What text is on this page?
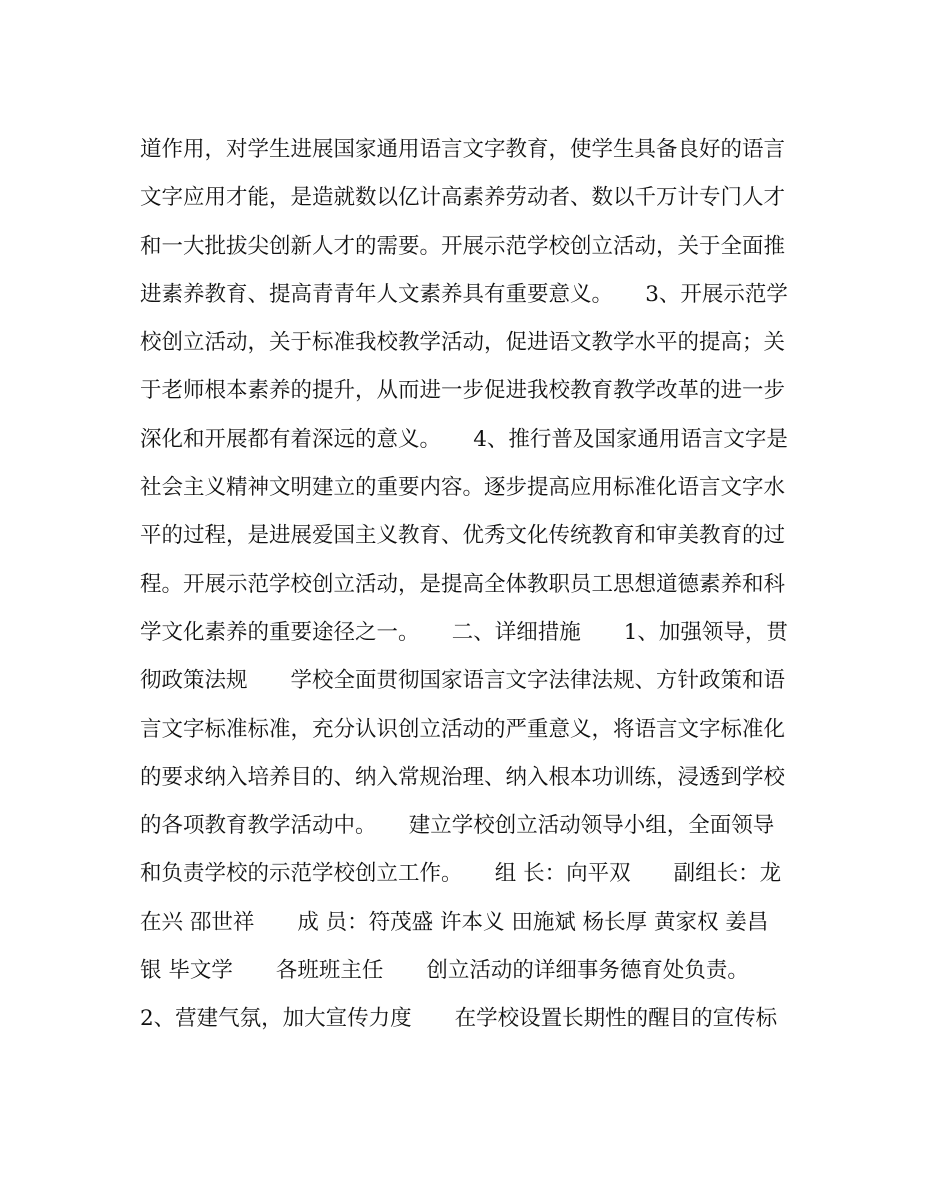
道作用，对学生进展国家通用语言文字教育，使学生具备良好的语言
文字应用才能，是造就数以亿计高素养劳动者、数以千万计专门人才
和一大批拔尖创新人才的需要。开展示范学校创立活动，关于全面推
进素养教育、提高青青年人文素养具有重要意义。　　3、开展示范学
校创立活动，关于标准我校教学活动，促进语文教学水平的提高；关
于老师根本素养的提升，从而进一步促进我校教育教学改革的进一步
深化和开展都有着深远的意义。　　4、推行普及国家通用语言文字是
社会主义精神文明建立的重要内容。逐步提高应用标准化语言文字水
平的过程，是进展爱国主义教育、优秀文化传统教育和审美教育的过
程。开展示范学校创立活动，是提高全体教职员工思想道德素养和科
学文化素养的重要途径之一。　　二、详细措施　　1、加强领导，贯
彻政策法规　　学校全面贯彻国家语言文字法律法规、方针政策和语
言文字标准标准，充分认识创立活动的严重意义，将语言文字标准化
的要求纳入培养目的、纳入常规治理、纳入根本功训练，浸透到学校
的各项教育教学活动中。　　建立学校创立活动领导小组，全面领导
和负责学校的示范学校创立工作。　　组 长：向平双　　副组长：龙
在兴 邵世祥　　成 员：符茂盛 许本义 田施斌 杨长厚 黄家权 姜昌
银 毕文学　　各班班主任　　创立活动的详细事务德育处负责。
2、营建气氛，加大宣传力度　　在学校设置长期性的醒目的宣传标
